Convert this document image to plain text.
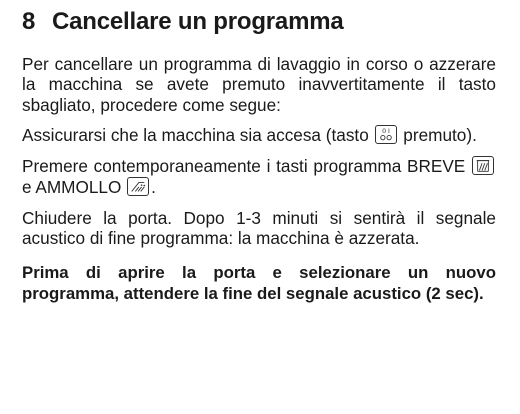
8 Cancellare un programma

Per cancellare un programma di lavaggio in corso o azzerare la macchina se avete premuto inavvertitamente il tasto sbagliato, procedere come segue:

Assicurarsi che la macchina sia accesa (tasto 0 I premuto).

Premere contemporaneamente i tasti programma BREVE
e AMMOLLO
.

Chiudere la porta. Dopo 1-3 minuti si sentirà il segnale acustico di fine programma: la macchina è azzerata.

Prima di aprire la porta e selezionare un nuovo programma, attendere la fine del segnale acustico (2 sec).
